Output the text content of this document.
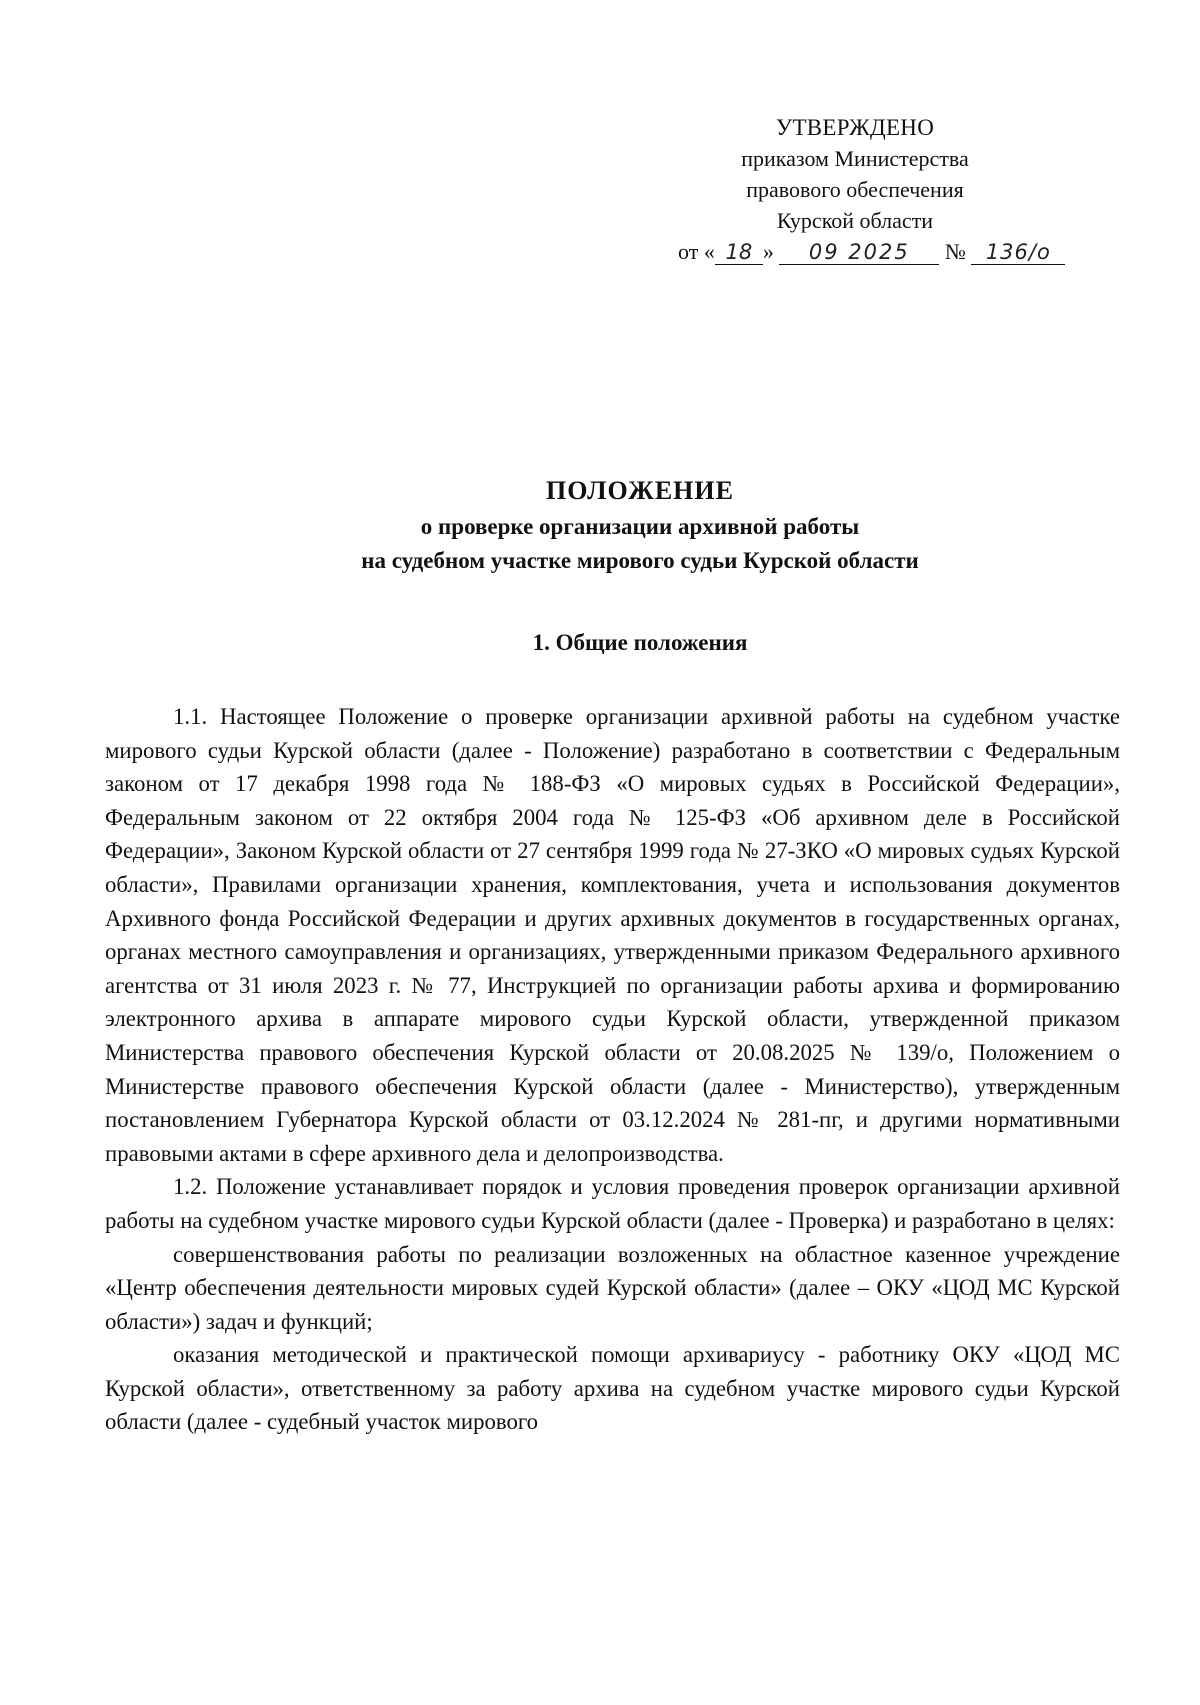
УТВЕРЖДЕНО
приказом Министерства
правового обеспечения
Курской области
от « 18 » 09 2025 № 136/о
ПОЛОЖЕНИЕ
о проверке организации архивной работы
на судебном участке мирового судьи Курской области
1. Общие положения

1.1. Настоящее Положение о проверке организации архивной работы на судебном участке мирового судьи Курской области (далее - Положение) разработано в соответствии с Федеральным законом от 17 декабря 1998 года № 188-ФЗ «О мировых судьях в Российской Федерации», Федеральным законом от 22 октября 2004 года № 125-ФЗ «Об архивном деле в Российской Федерации», Законом Курской области от 27 сентября 1999 года № 27-ЗКО «О мировых судьях Курской области», Правилами организации хранения, комплектования, учета и использования документов Архивного фонда Российской Федерации и других архивных документов в государственных органах, органах местного самоуправления и организациях, утвержденными приказом Федерального архивного агентства от 31 июля 2023 г. № 77, Инструкцией по организации работы архива и формированию электронного архива в аппарате мирового судьи Курской области, утвержденной приказом Министерства правового обеспечения Курской области от 20.08.2025 № 139/о, Положением о Министерстве правового обеспечения Курской области (далее - Министерство), утвержденным постановлением Губернатора Курской области от 03.12.2024 № 281-пг, и другими нормативными правовыми актами в сфере архивного дела и делопроизводства.

1.2. Положение устанавливает порядок и условия проведения проверок организации архивной работы на судебном участке мирового судьи Курской области (далее - Проверка) и разработано в целях:

совершенствования работы по реализации возложенных на областное казенное учреждение «Центр обеспечения деятельности мировых судей Курской области» (далее – ОКУ «ЦОД МС Курской области») задач и функций;

оказания методической и практической помощи архивариусу - работнику ОКУ «ЦОД МС Курской области», ответственному за работу архива на судебном участке мирового судьи Курской области (далее - судебный участок мирового
